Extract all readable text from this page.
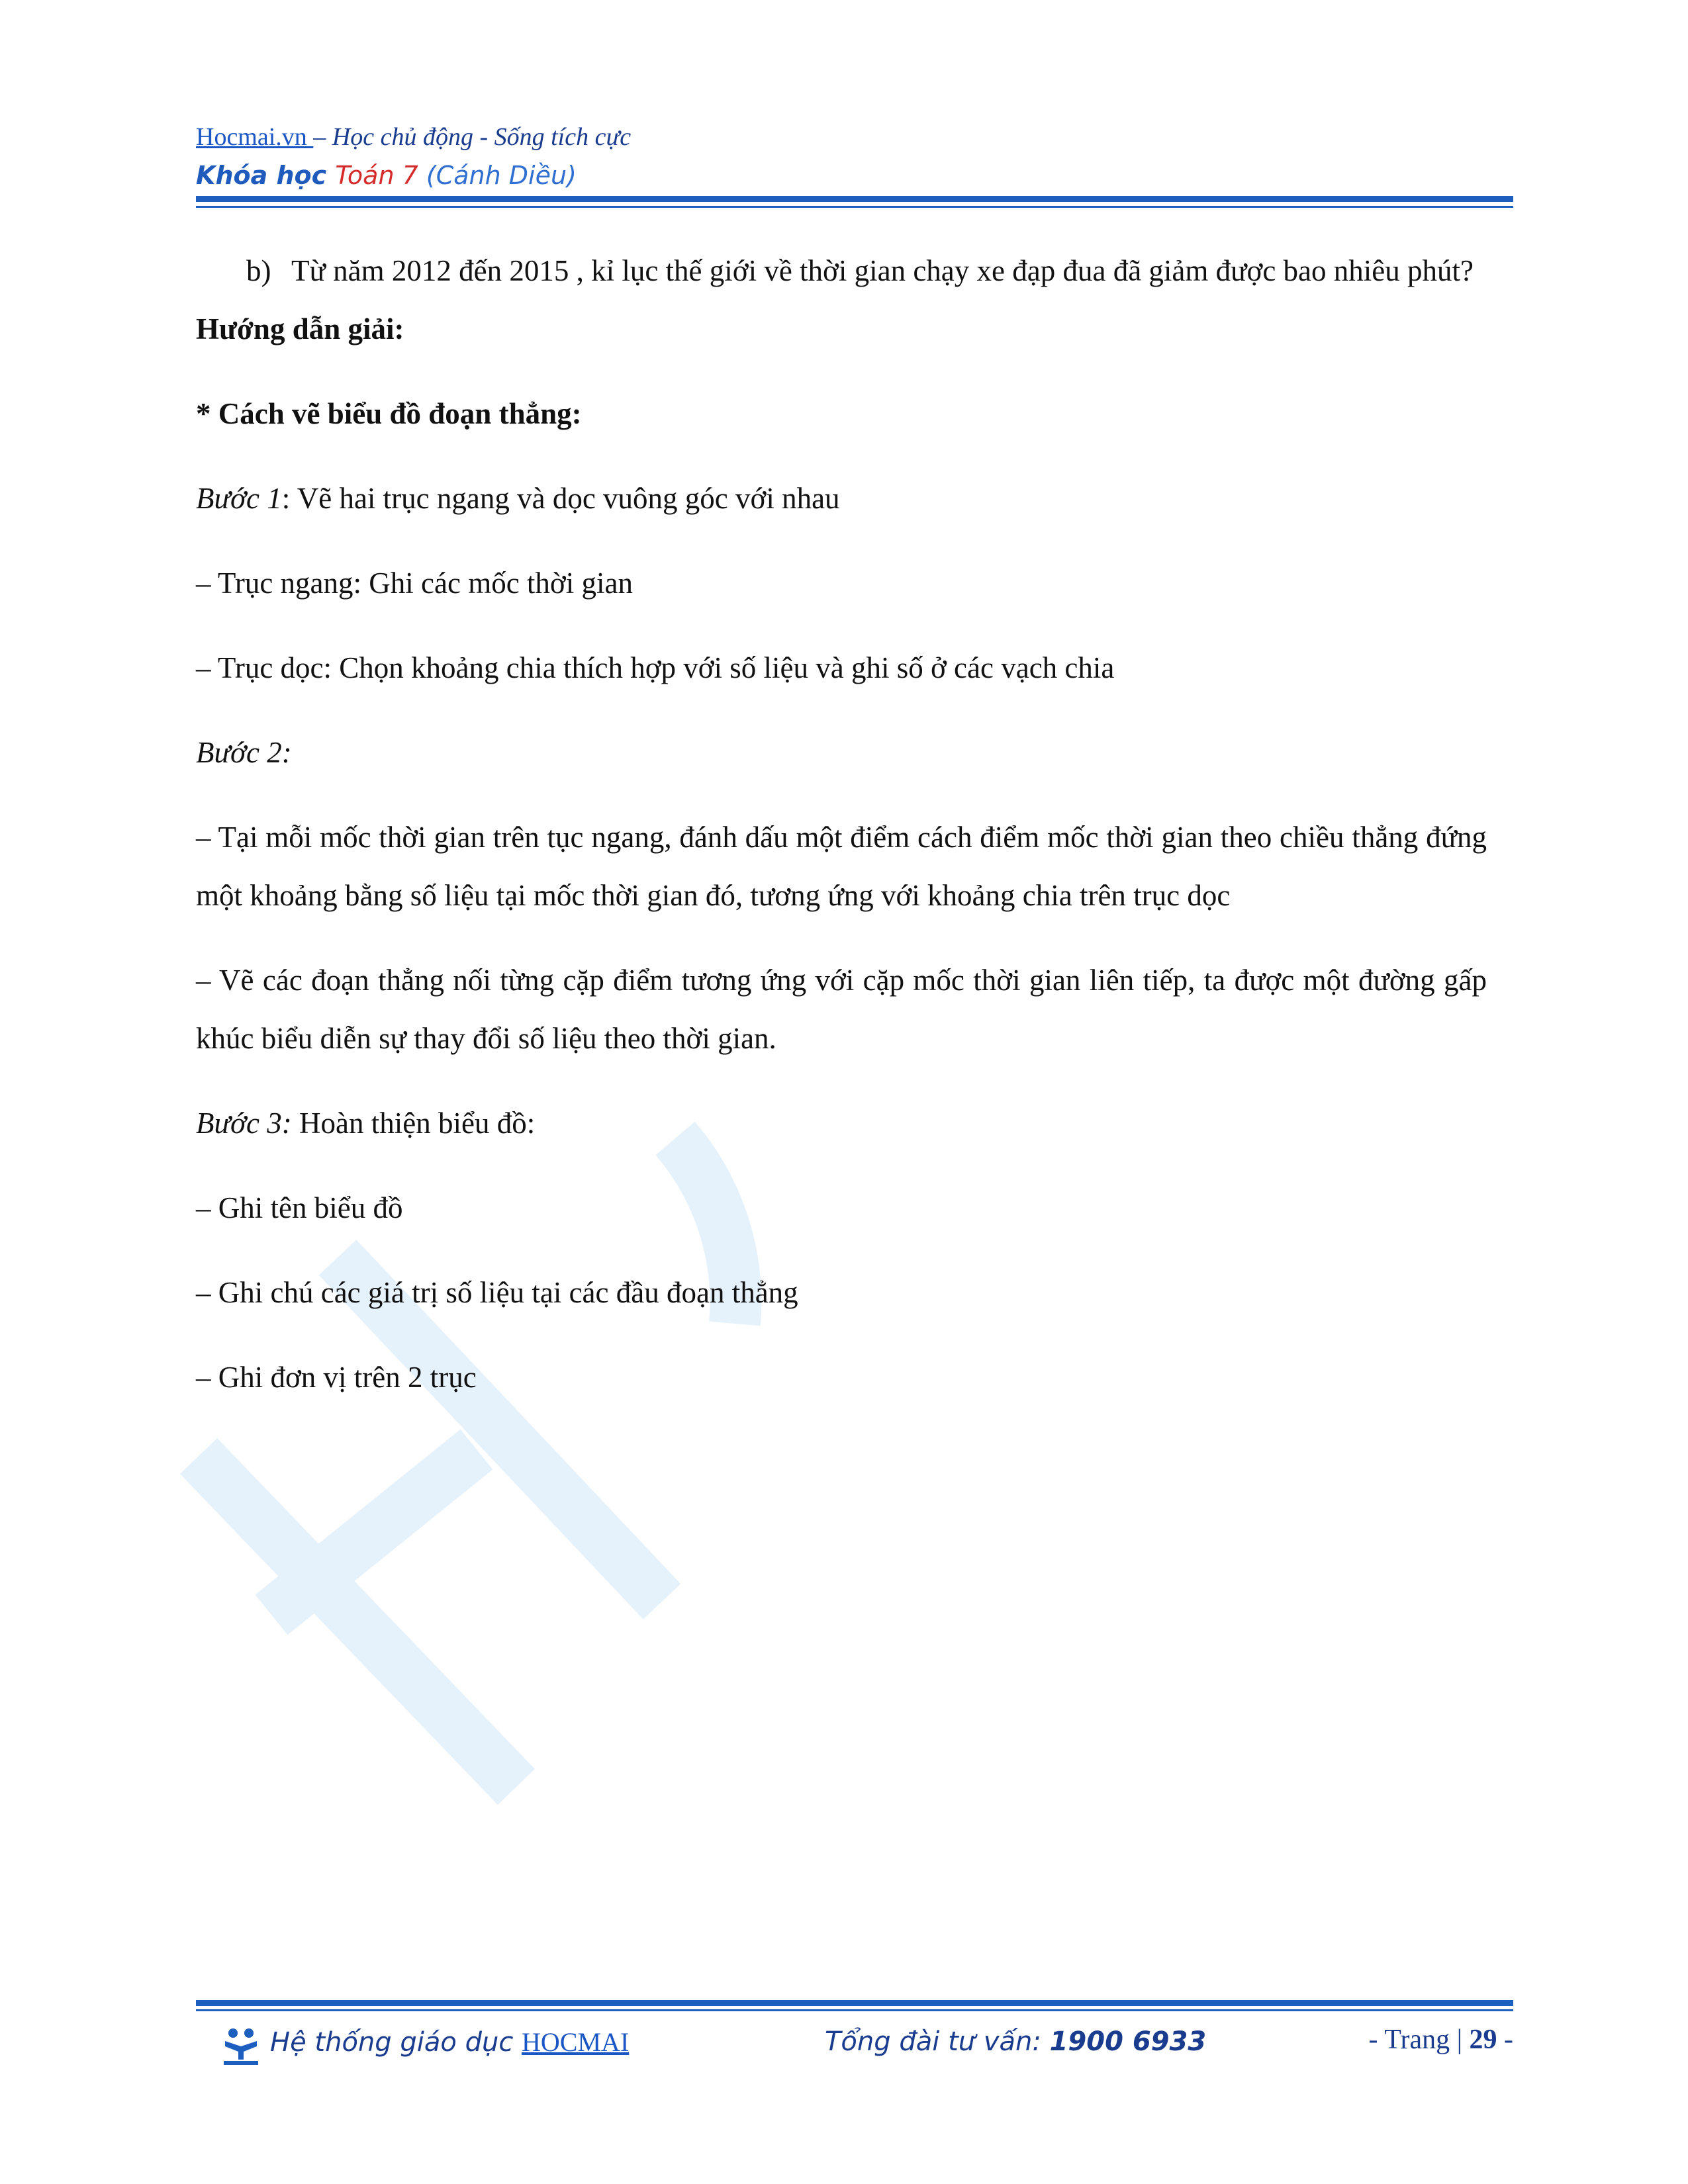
Hocmai.vn – Học chủ động - Sống tích cực
Khóa học Toán 7 (Cánh Diều)
b) Từ năm 2012 đến 2015 , kỉ lục thế giới về thời gian chạy xe đạp đua đã giảm được bao nhiêu phút?

Hướng dẫn giải:

* Cách vẽ biểu đồ đoạn thẳng:

Bước 1: Vẽ hai trục ngang và dọc vuông góc với nhau

– Trục ngang: Ghi các mốc thời gian

– Trục dọc: Chọn khoảng chia thích hợp với số liệu và ghi số ở các vạch chia

Bước 2:

– Tại mỗi mốc thời gian trên tục ngang, đánh dấu một điểm cách điểm mốc thời gian theo chiều thẳng đứng một khoảng bằng số liệu tại mốc thời gian đó, tương ứng với khoảng chia trên trục dọc

– Vẽ các đoạn thẳng nối từng cặp điểm tương ứng với cặp mốc thời gian liên tiếp, ta được một đường gấp khúc biểu diễn sự thay đổi số liệu theo thời gian.

Bước 3: Hoàn thiện biểu đồ:

– Ghi tên biểu đồ

– Ghi chú các giá trị số liệu tại các đầu đoạn thẳng

– Ghi đơn vị trên 2 trục

Hệ thống giáo dục HOCMAI	Tổng đài tư vấn: 1900 6933	- Trang | 29 -
